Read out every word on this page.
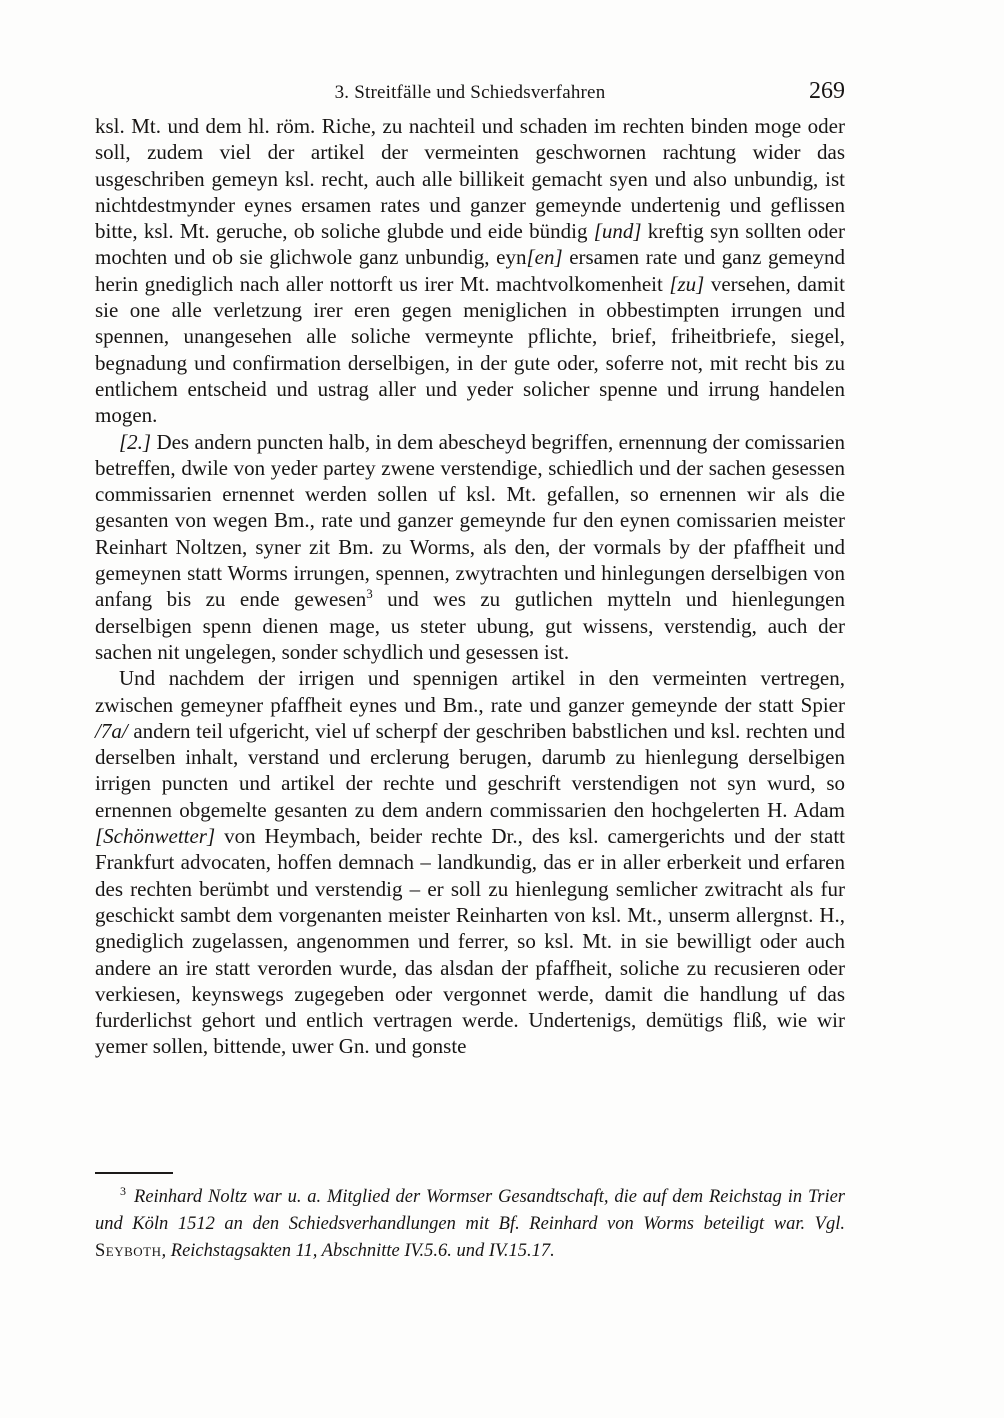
3. Streitfälle und Schiedsverfahren	269

ksl. Mt. und dem hl. röm. Riche, zu nachteil und schaden im rechten binden moge oder soll, zudem viel der artikel der vermeinten geschwornen rachtung wider das usgeschriben gemeyn ksl. recht, auch alle billikeit gemacht syen und also unbundig, ist nichtdestmynder eynes ersamen rates und ganzer gemeynde undertenig und geflissen bitte, ksl. Mt. geruche, ob soliche glubde und eide bündig [und] kreftig syn sollten oder mochten und ob sie glichwole ganz unbundig, eyn[en] ersamen rate und ganz gemeynd herin gnediglich nach aller nottorft us irer Mt. machtvolkomenheit [zu] versehen, damit sie one alle verletzung irer eren gegen meniglichen in obbestimpten irrungen und spennen, unangesehen alle soliche vermeynte pflichte, brief, friheitbriefe, siegel, begnadung und confirmation derselbigen, in der gute oder, soferre not, mit recht bis zu entlichem entscheid und ustrag aller und yeder solicher spenne und irrung handelen mogen.

[2.] Des andern puncten halb, in dem abescheyd begriffen, ernennung der comissarien betreffen, dwile von yeder partey zwene verstendige, schiedlich und der sachen gesessen commissarien ernennet werden sollen uf ksl. Mt. gefallen, so ernennen wir als die gesanten von wegen Bm., rate und ganzer gemeynde fur den eynen comissarien meister Reinhart Noltzen, syner zit Bm. zu Worms, als den, der vormals by der pfaffheit und gemeynen statt Worms irrungen, spennen, zwytrachten und hinlegungen derselbigen von anfang bis zu ende gewesen$^3$ und wes zu gutlichen mytteln und hienlegungen derselbigen spenn dienen mage, us steter ubung, gut wissens, verstendig, auch der sachen nit ungelegen, sonder schydlich und gesessen ist.

Und nachdem der irrigen und spennigen artikel in den vermeinten vertregen, zwischen gemeyner pfaffheit eynes und Bm., rate und ganzer gemeynde der statt Spier /7a/ andern teil ufgericht, viel uf scherpf der geschriben babstlichen und ksl. rechten und derselben inhalt, verstand und erclerung berugen, darumb zu hienlegung derselbigen irrigen puncten und artikel der rechte und geschrift verstendigen not syn wurd, so ernennen obgemelte gesanten zu dem andern commissarien den hochgelerten H. Adam [Schönwetter] von Heymbach, beider rechte Dr., des ksl. camergerichts und der statt Frankfurt advocaten, hoffen demnach – landkundig, das er in aller erberkeit und erfaren des rechten berümbt und verstendig – er soll zu hienlegung semlicher zwitracht als fur geschickt sambt dem vorgenanten meister Reinharten von ksl. Mt., unserm allergnst. H., gnediglich zugelassen, angenommen und ferrer, so ksl. Mt. in sie bewilligt oder auch andere an ire statt verorden wurde, das alsdan der pfaffheit, soliche zu recusieren oder verkiesen, keynswegs zugegeben oder vergonnet werde, damit die handlung uf das furderlichst gehort und entlich vertragen werde. Undertenigs, demütigs fliß, wie wir yemer sollen, bittende, uwer Gn. und gonste

$^3$ Reinhard Noltz war u. a. Mitglied der Wormser Gesandtschaft, die auf dem Reichstag in Trier und Köln 1512 an den Schiedsverhandlungen mit Bf. Reinhard von Worms beteiligt war. Vgl. Seyboth, Reichstagsakten 11, Abschnitte IV.5.6. und IV.15.17.
